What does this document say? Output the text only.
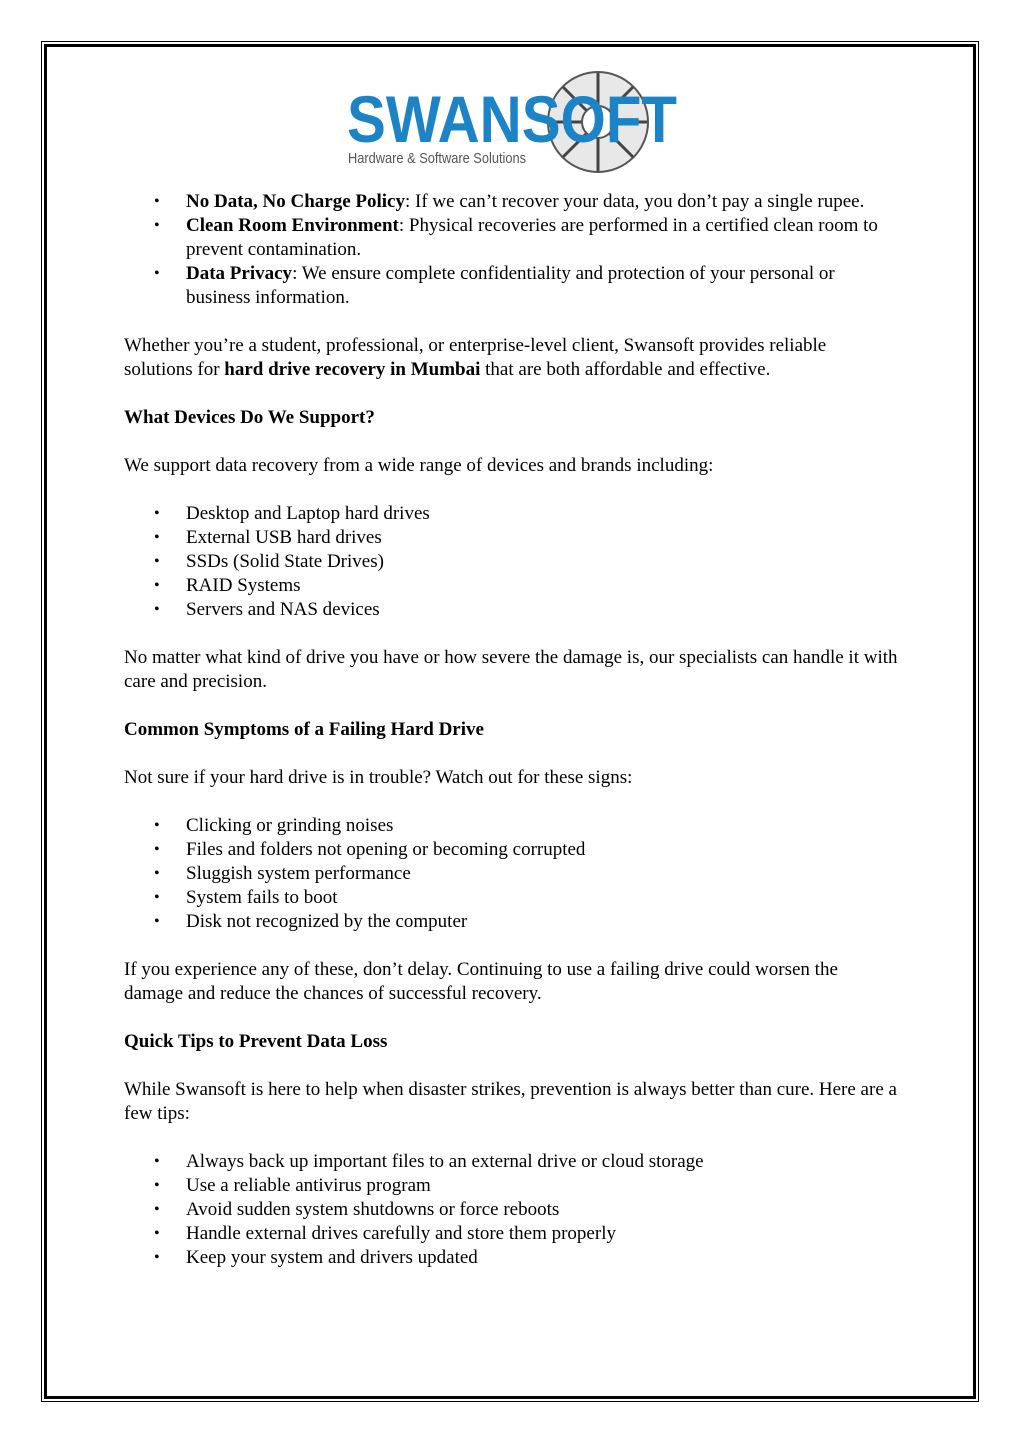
SWANSOFT
Hardware & Software Solutions
• No Data, No Charge Policy: If we can’t recover your data, you don’t pay a single rupee.
• Clean Room Environment: Physical recoveries are performed in a certified clean room to prevent contamination.
• Data Privacy: We ensure complete confidentiality and protection of your personal or business information.

Whether you’re a student, professional, or enterprise-level client, Swansoft provides reliable solutions for hard drive recovery in Mumbai that are both affordable and effective.

What Devices Do We Support?

We support data recovery from a wide range of devices and brands including:

• Desktop and Laptop hard drives
• External USB hard drives
• SSDs (Solid State Drives)
• RAID Systems
• Servers and NAS devices

No matter what kind of drive you have or how severe the damage is, our specialists can handle it with care and precision.

Common Symptoms of a Failing Hard Drive

Not sure if your hard drive is in trouble? Watch out for these signs:

• Clicking or grinding noises
• Files and folders not opening or becoming corrupted
• Sluggish system performance
• System fails to boot
• Disk not recognized by the computer

If you experience any of these, don’t delay. Continuing to use a failing drive could worsen the damage and reduce the chances of successful recovery.

Quick Tips to Prevent Data Loss

While Swansoft is here to help when disaster strikes, prevention is always better than cure. Here are a few tips:

• Always back up important files to an external drive or cloud storage
• Use a reliable antivirus program
• Avoid sudden system shutdowns or force reboots
• Handle external drives carefully and store them properly
• Keep your system and drivers updated
